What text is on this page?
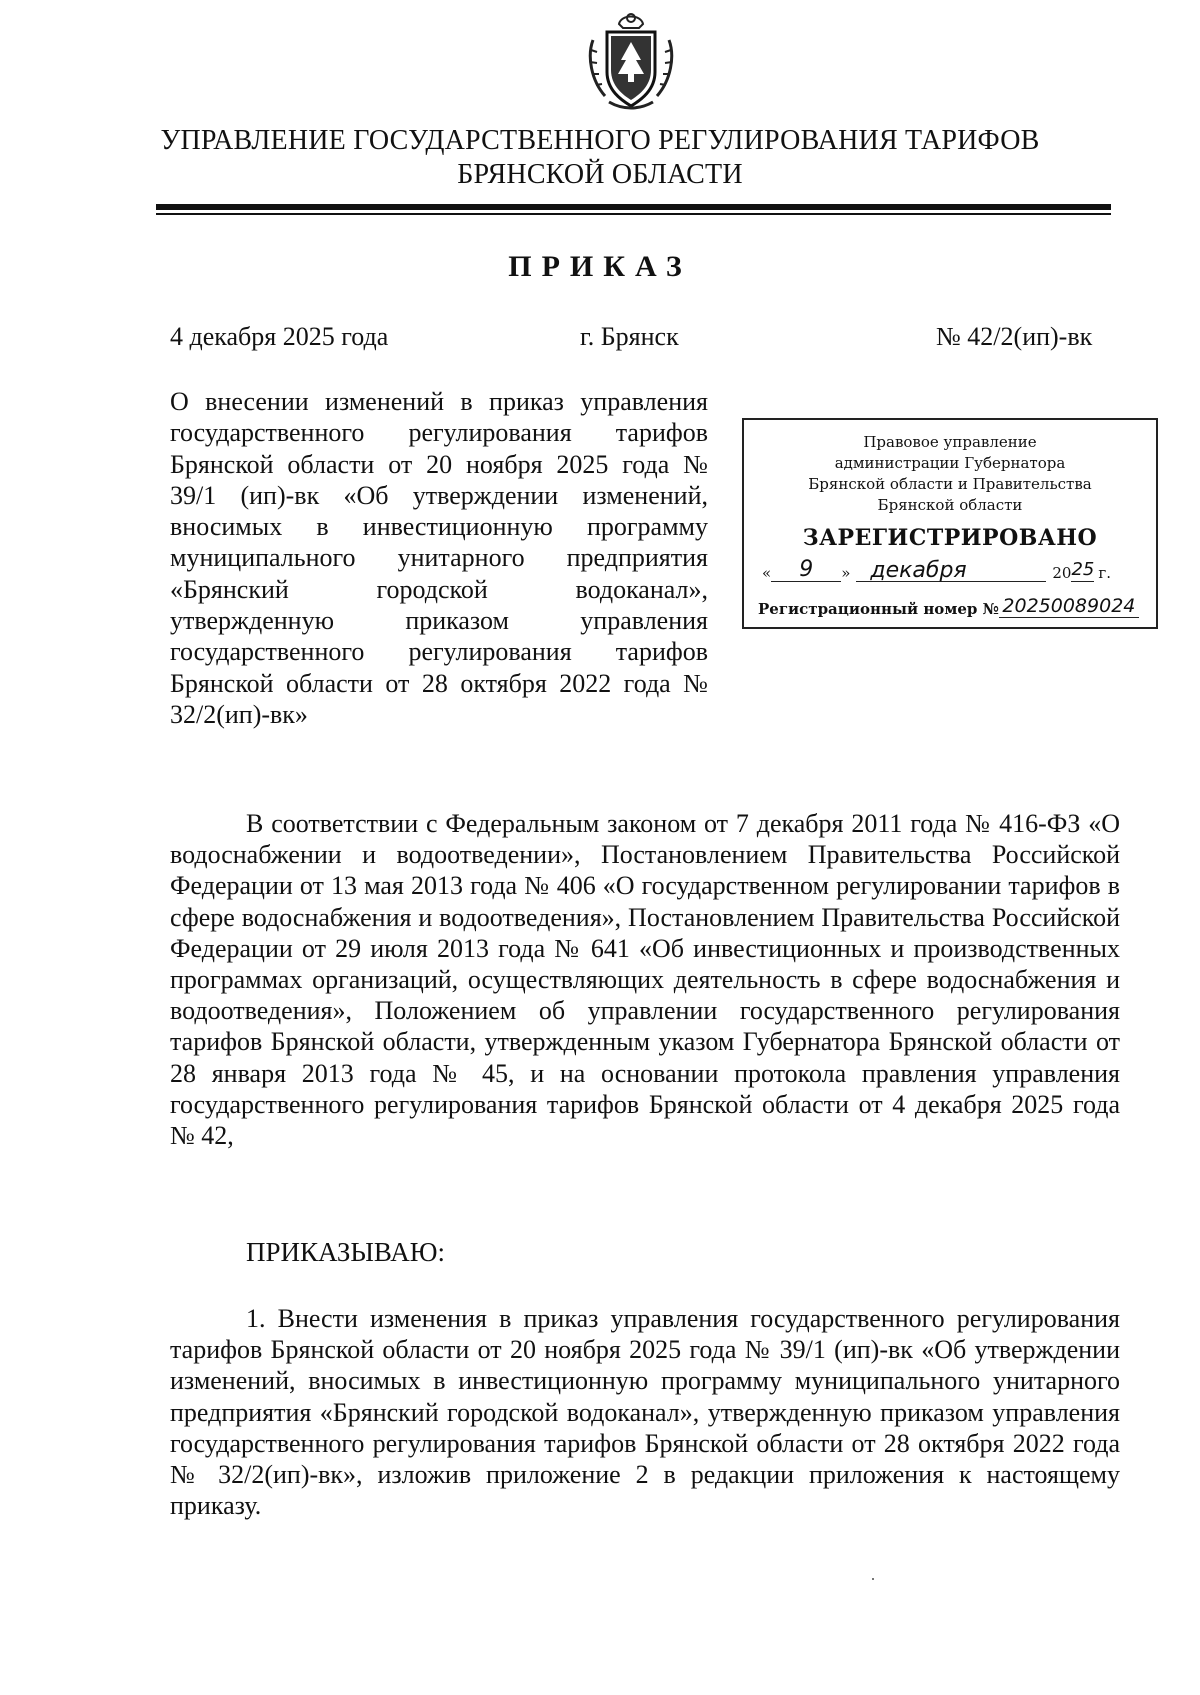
УПРАВЛЕНИЕ ГОСУДАРСТВЕННОГО РЕГУЛИРОВАНИЯ ТАРИФОВ
БРЯНСКОЙ ОБЛАСТИ
ПРИКАЗ
4 декабря 2025 года	г. Брянск	№ 42/2(ип)-вк
О внесении изменений в приказ управления государственного регулирования тарифов Брянской области от 20 ноября 2025 года № 39/1 (ип)-вк «Об утверждении изменений, вносимых в инвестиционную программу муниципального унитарного предприятия «Брянский городской водоканал», утвержденную приказом управления государственного регулирования тарифов Брянской области от 28 октября 2022 года № 32/2(ип)-вк»
Правовое управление
администрации Губернатора
Брянской области и Правительства
Брянской области
ЗАРЕГИСТРИРОВАНО
«	9	» декабря	20 25 г.
Регистрационный номер № 20250089024
В соответствии с Федеральным законом от 7 декабря 2011 года № 416-ФЗ «О водоснабжении и водоотведении», Постановлением Правительства Российской Федерации от 13 мая 2013 года № 406 «О государственном регулировании тарифов в сфере водоснабжения и водоотведения», Постановлением Правительства Российской Федерации от 29 июля 2013 года № 641 «Об инвестиционных и производственных программах организаций, осуществляющих деятельность в сфере водоснабжения и водоотведения», Положением об управлении государственного регулирования тарифов Брянской области, утвержденным указом Губернатора Брянской области от 28 января 2013 года № 45, и на основании протокола правления управления государственного регулирования тарифов Брянской области от 4 декабря 2025 года № 42,
ПРИКАЗЫВАЮ:
1. Внести изменения в приказ управления государственного регулирования тарифов Брянской области от 20 ноября 2025 года № 39/1 (ип)-вк «Об утверждении изменений, вносимых в инвестиционную программу муниципального унитарного предприятия «Брянский городской водоканал», утвержденную приказом управления государственного регулирования тарифов Брянской области от 28 октября 2022 года № 32/2(ип)-вк», изложив приложение 2 в редакции приложения к настоящему приказу.
